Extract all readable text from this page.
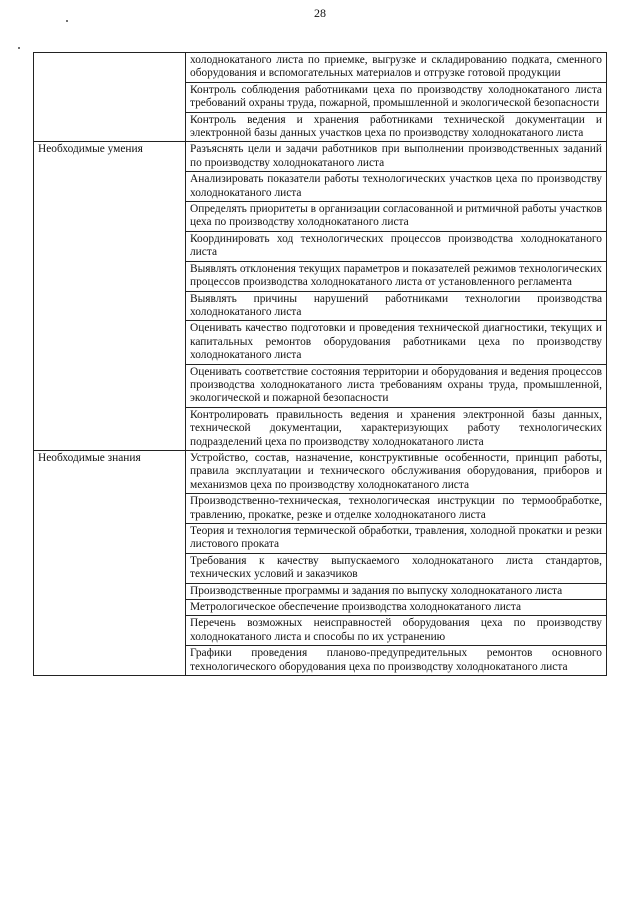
28
	холоднокатаного листа по приемке, выгрузке и складированию подката, сменного оборудования и вспомогательных материалов и отгрузке готовой продукции
	Контроль соблюдения работниками цеха по производству холоднокатаного листа требований охраны труда, пожарной, промышленной и экологической безопасности
	Контроль ведения и хранения работниками технической документации и электронной базы данных участков цеха по производству холоднокатаного листа
Необходимые умения	Разъяснять цели и задачи работников при выполнении производственных заданий по производству холоднокатаного листа
	Анализировать показатели работы технологических участков цеха по производству холоднокатаного листа
	Определять приоритеты в организации согласованной и ритмичной работы участков цеха по производству холоднокатаного листа
	Координировать ход технологических процессов производства холоднокатаного листа
	Выявлять отклонения текущих параметров и показателей режимов технологических процессов производства холоднокатаного листа от установленного регламента
	Выявлять причины нарушений работниками технологии производства холоднокатаного листа
	Оценивать качество подготовки и проведения технической диагностики, текущих и капитальных ремонтов оборудования работниками цеха по производству холоднокатаного листа
	Оценивать соответствие состояния территории и оборудования и ведения процессов производства холоднокатаного листа требованиям охраны труда, промышленной, экологической и пожарной безопасности
	Контролировать правильность ведения и хранения электронной базы данных, технической документации, характеризующих работу технологических подразделений цеха по производству холоднокатаного листа
Необходимые знания	Устройство, состав, назначение, конструктивные особенности, принцип работы, правила эксплуатации и технического обслуживания оборудования, приборов и механизмов цеха по производству холоднокатаного листа
	Производственно-техническая, технологическая инструкции по термообработке, травлению, прокатке, резке и отделке холоднокатаного листа
	Теория и технология термической обработки, травления, холодной прокатки и резки листового проката
	Требования к качеству выпускаемого холоднокатаного листа стандартов, технических условий и заказчиков
	Производственные программы и задания по выпуску холоднокатаного листа
	Метрологическое обеспечение производства холоднокатаного листа
	Перечень возможных неисправностей оборудования цеха по производству холоднокатаного листа и способы по их устранению
	Графики проведения планово-предупредительных ремонтов основного технологического оборудования цеха по производству холоднокатаного листа
